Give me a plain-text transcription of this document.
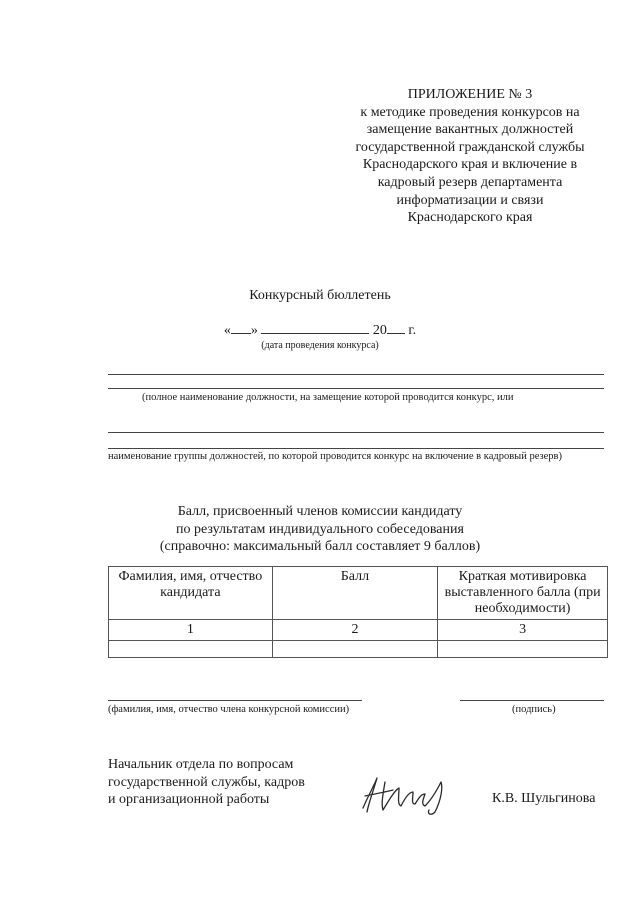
ПРИЛОЖЕНИЕ № 3
к методике проведения конкурсов на
замещение вакантных должностей
государственной гражданской службы
Краснодарского края и включение в
кадровый резерв департамента
информатизации и связи
Краснодарского края
Конкурсный бюллетень
« »	20 г.
(дата проведения конкурса)
(полное наименование должности, на замещение которой проводится конкурс, или
наименование группы должностей, по которой проводится конкурс на включение в кадровый резерв)
Балл, присвоенный членов комиссии кандидату
по результатам индивидуального собеседования
(справочно: максимальный балл составляет 9 баллов)
Фамилия, имя, отчество кандидата	Балл	Краткая мотивировка выставленного балла (при необходимости)
1	2	3

(фамилия, имя, отчество члена конкурсной комиссии)	(подпись)
Начальник отдела по вопросам
государственной службы, кадров
и организационной работы	К.В. Шульгинова
